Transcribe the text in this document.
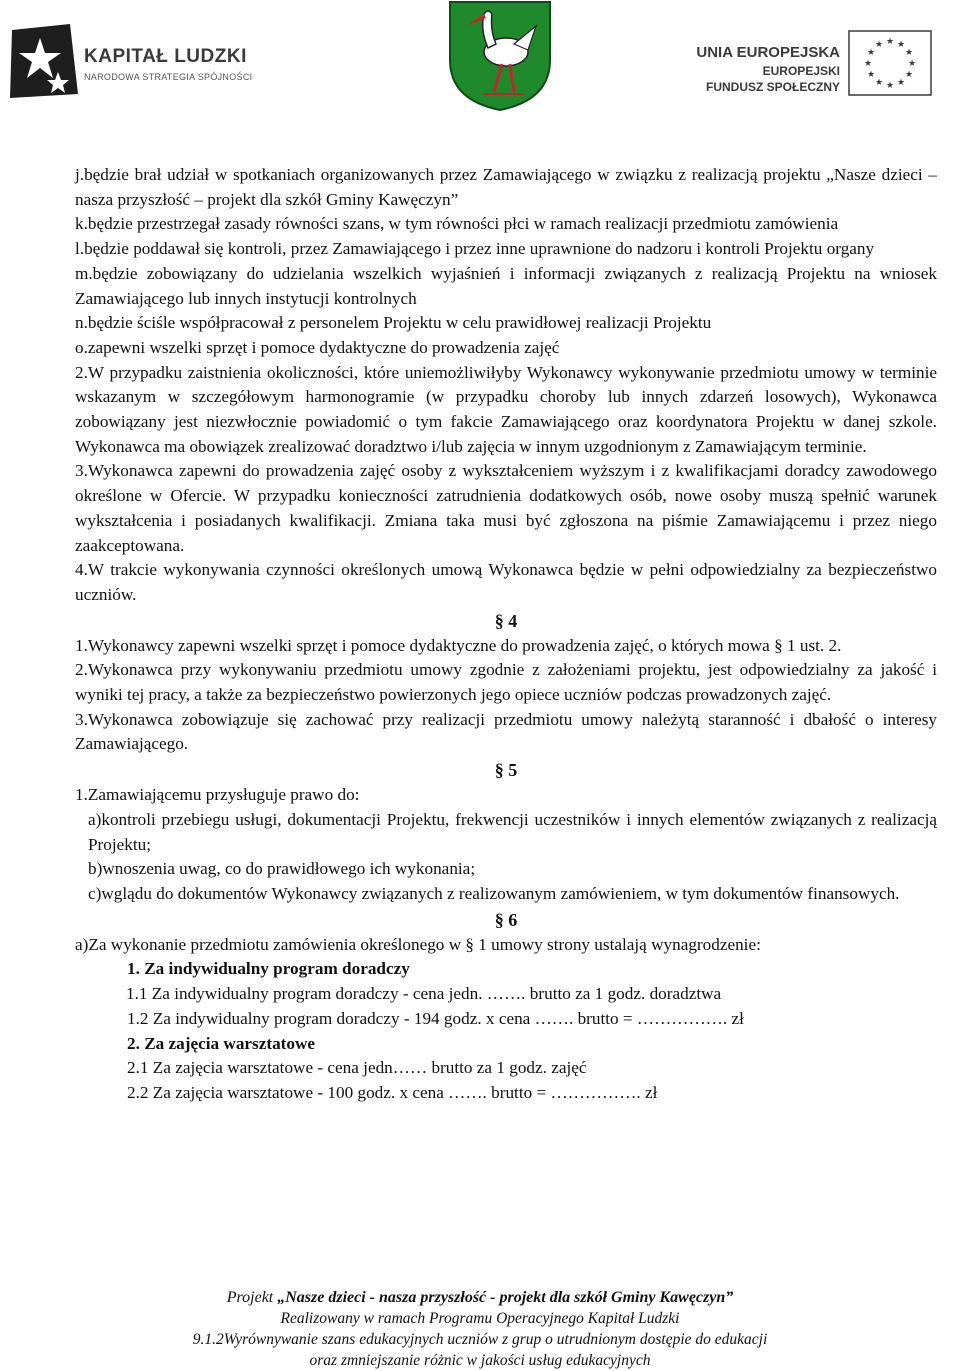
KAPITAŁ LUDZKI
NARODOWA STRATEGIA SPÓJNOŚCI
UNIA EUROPEJSKA
EUROPEJSKI
FUNDUSZ SPOŁECZNY
★ ★
★
★
★
★
★
★
★
★
★
★

j.będzie brał udział w spotkaniach organizowanych przez Zamawiającego w związku z realizacją projektu „Nasze dzieci – nasza przyszłość – projekt dla szkół Gminy Kawęczyn”

k.będzie przestrzegał zasady równości szans, w tym równości płci w ramach realizacji przedmiotu zamówienia

l.będzie poddawał się kontroli, przez Zamawiającego i przez inne uprawnione do nadzoru i kontroli Projektu organy

m.będzie zobowiązany do udzielania wszelkich wyjaśnień i informacji związanych z realizacją Projektu na wniosek Zamawiającego lub innych instytucji kontrolnych

n.będzie ściśle współpracował z personelem Projektu w celu prawidłowej realizacji Projektu

o.zapewni wszelki sprzęt i pomoce dydaktyczne do prowadzenia zajęć

2.W przypadku zaistnienia okoliczności, które uniemożliwiłyby Wykonawcy wykonywanie przedmiotu umowy w terminie wskazanym w szczegółowym harmonogramie (w przypadku choroby lub innych zdarzeń losowych), Wykonawca zobowiązany jest niezwłocznie powiadomić o tym fakcie Zamawiającego oraz koordynatora Projektu w danej szkole. Wykonawca ma obowiązek zrealizować doradztwo i/lub zajęcia w innym uzgodnionym z Zamawiającym terminie.

3.Wykonawca zapewni do prowadzenia zajęć osoby z wykształceniem wyższym i z kwalifikacjami doradcy zawodowego określone w Ofercie. W przypadku konieczności zatrudnienia dodatkowych osób, nowe osoby muszą spełnić warunek wykształcenia i posiadanych kwalifikacji. Zmiana taka musi być zgłoszona na piśmie Zamawiającemu i przez niego zaakceptowana.

4.W trakcie wykonywania czynności określonych umową Wykonawca będzie w pełni odpowiedzialny za bezpieczeństwo uczniów.

§ 4

1.Wykonawcy zapewni wszelki sprzęt i pomoce dydaktyczne do prowadzenia zajęć, o których mowa § 1 ust. 2.

2.Wykonawca przy wykonywaniu przedmiotu umowy zgodnie z założeniami projektu, jest odpowiedzialny za jakość i wyniki tej pracy, a także za bezpieczeństwo powierzonych jego opiece uczniów podczas prowadzonych zajęć.

3.Wykonawca zobowiązuje się zachować przy realizacji przedmiotu umowy należytą staranność i dbałość o interesy Zamawiającego.

§ 5

1.Zamawiającemu przysługuje prawo do:

a)kontroli przebiegu usługi, dokumentacji Projektu, frekwencji uczestników i innych elementów związanych z realizacją Projektu;

b)wnoszenia uwag, co do prawidłowego ich wykonania;

c)wglądu do dokumentów Wykonawcy związanych z realizowanym zamówieniem, w tym dokumentów finansowych.

§ 6

a)Za wykonanie przedmiotu zamówienia określonego w § 1 umowy strony ustalają wynagrodzenie:

1. Za indywidualny program doradczy

1.1 Za indywidualny program doradczy - cena jedn. ……. brutto za 1 godz. doradztwa

1.2 Za indywidualny program doradczy - 194 godz. x cena ……. brutto = ……………. zł

2. Za zajęcia warsztatowe

2.1 Za zajęcia warsztatowe - cena jedn…… brutto za 1 godz. zajęć

2.2 Za zajęcia warsztatowe - 100 godz. x cena ……. brutto = ……………. zł

Projekt „Nasze dzieci - nasza przyszłość - projekt dla szkół Gminy Kawęczyn”
Realizowany w ramach Programu Operacyjnego Kapitał Ludzki
9.1.2Wyrównywanie szans edukacyjnych uczniów z grup o utrudnionym dostępie do edukacji
oraz zmniejszanie różnic w jakości usług edukacyjnych
